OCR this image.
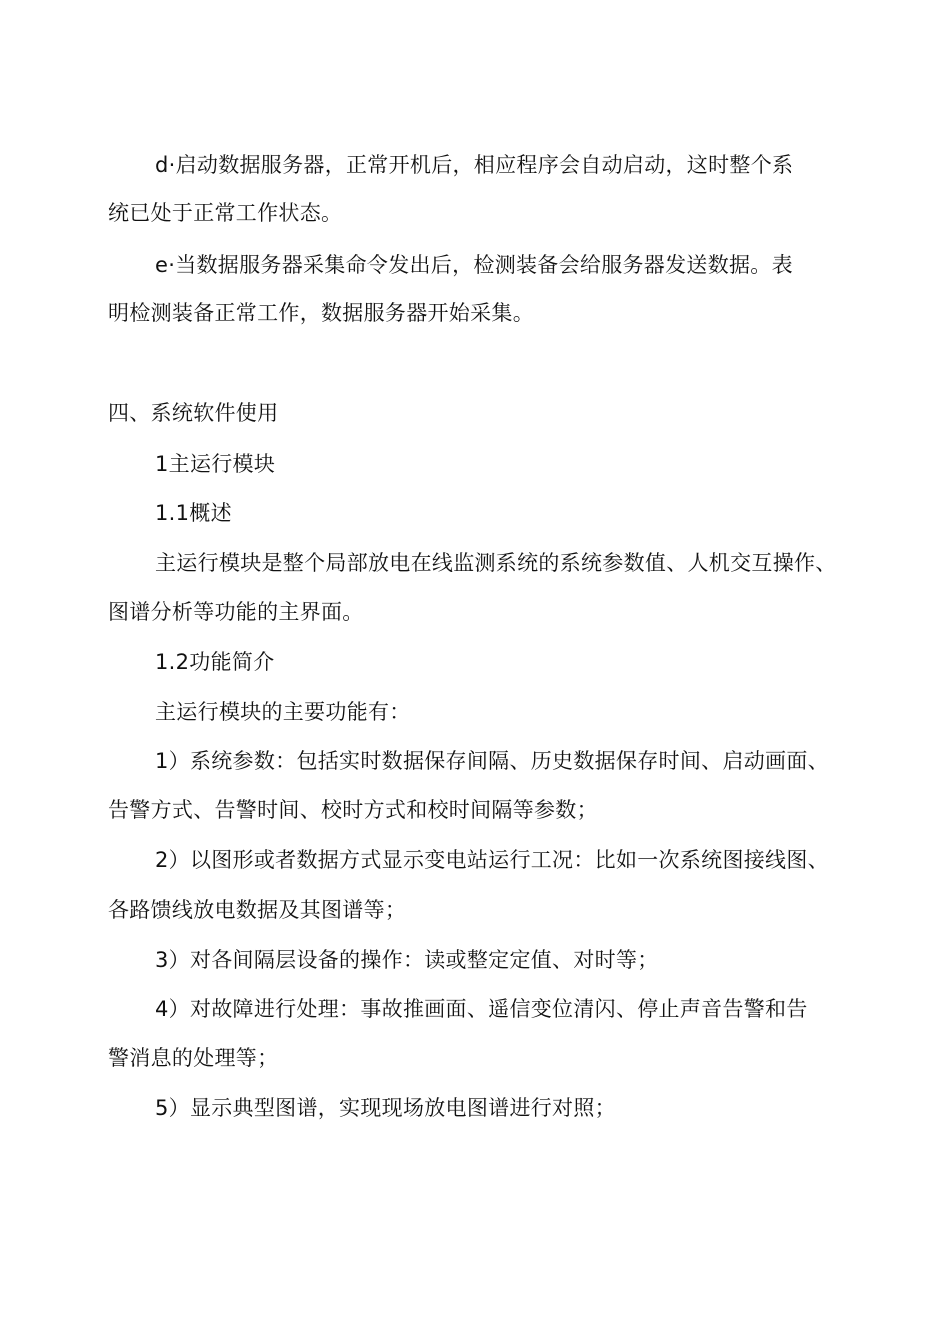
d·启动数据服务器，正常开机后，相应程序会自动启动，这时整个系
统已处于正常工作状态。
e·当数据服务器采集命令发出后，检测装备会给服务器发送数据。表
明检测装备正常工作，数据服务器开始采集。
四、系统软件使用
1主运行模块
1.1概述
主运行模块是整个局部放电在线监测系统的系统参数值、人机交互操作、
图谱分析等功能的主界面。
1.2功能简介
主运行模块的主要功能有：
1）系统参数：包括实时数据保存间隔、历史数据保存时间、启动画面、
告警方式、告警时间、校时方式和校时间隔等参数；
2）以图形或者数据方式显示变电站运行工况：比如一次系统图接线图、
各路馈线放电数据及其图谱等；
3）对各间隔层设备的操作：读或整定定值、对时等；
4）对故障进行处理：事故推画面、遥信变位清闪、停止声音告警和告
警消息的处理等；
5）显示典型图谱，实现现场放电图谱进行对照；
